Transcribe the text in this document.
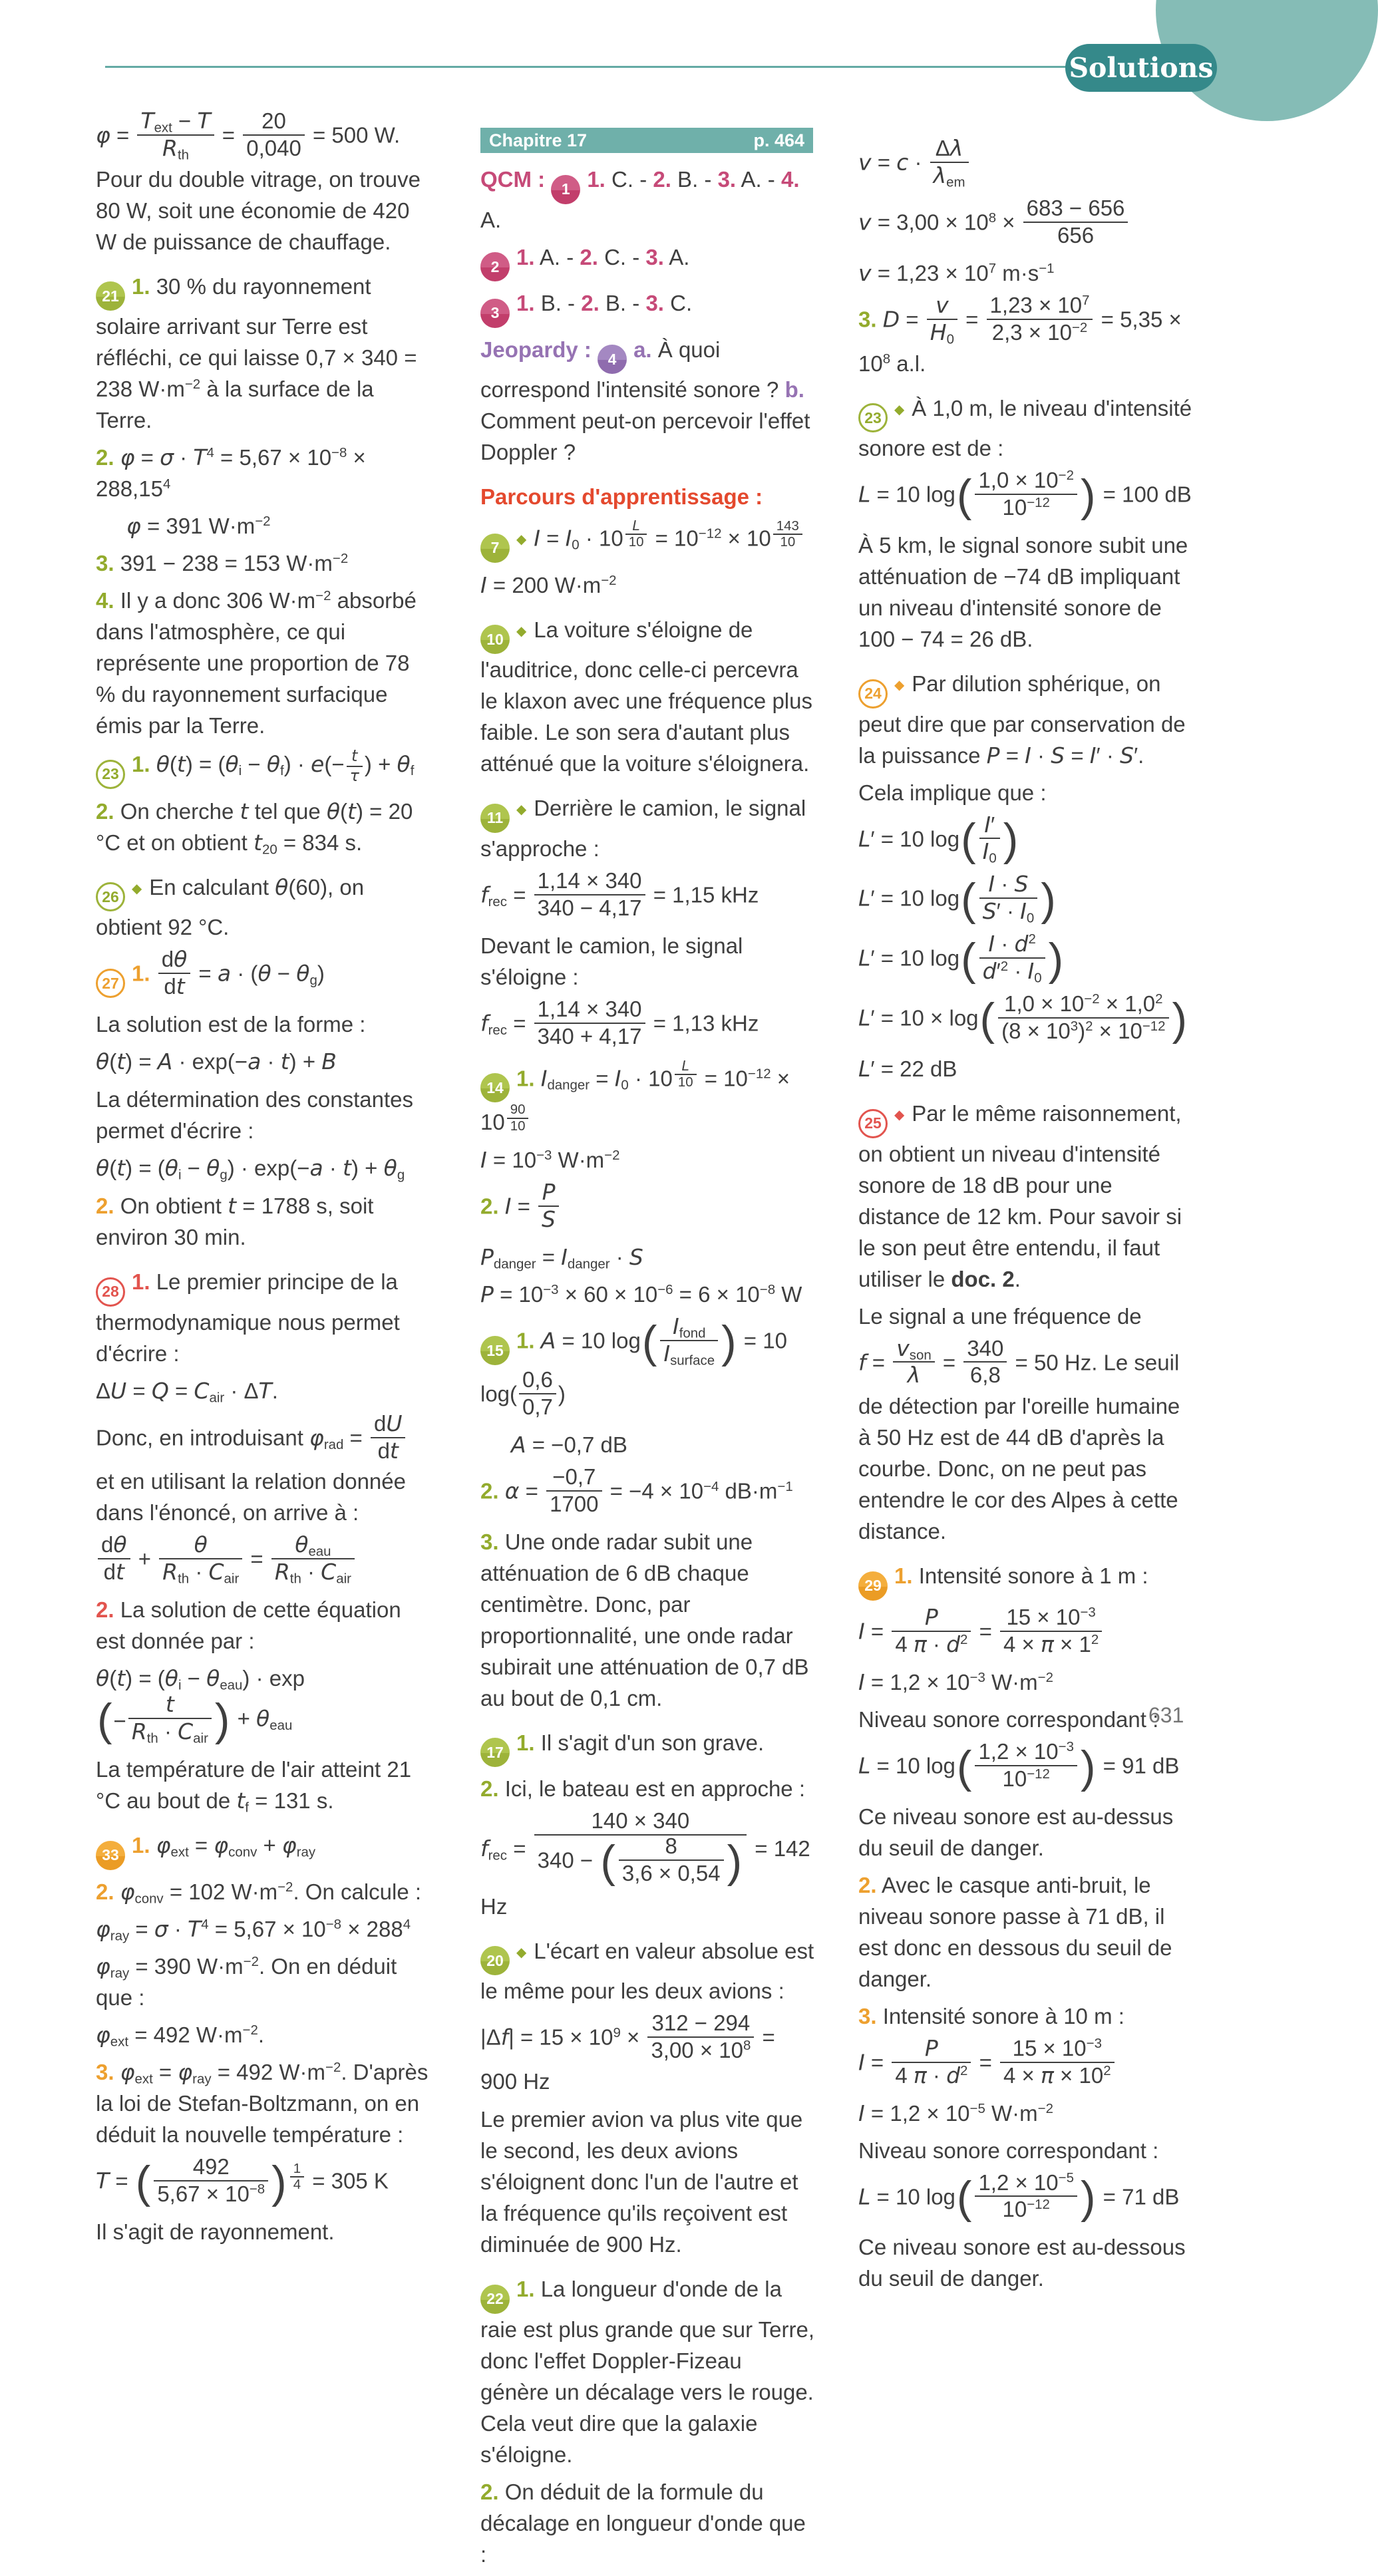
Solutions
Chapitre 17	p. 464

φ =
$T_{ext} - T$
$R_{th}$
= $\frac{20}{0,040} = 500$ W. Pour du double vitrage, on trouve 80 W, soit une économie de 420 W de puissance de chauffage.

21 1. 30 % du rayonnement solaire arrivant sur Terre est réfléchi, ce qui laisse 0,7 × 340 = 238 $W\cdot m^{-2}$ à la surface de la Terre.

2. $\varphi = \sigma \cdot T^4 = 5,67 \times 10^{-8} \times 288,15^4$

φ = 391 $W\cdot m^{-2}$

3. 391 − 238 = 153 $W\cdot m^{-2}$

4. Il y a donc 306 $W\cdot m^{-2}$ absorbé dans l'atmosphère, ce qui représente une proportion de 78 % du rayonnement surfacique émis par la Terre.

23 1. $\theta(t) = (\theta_i - \theta_f) \cdot e(- \frac{t}{\tau}$ ) + $\theta_f$

2. On cherche t tel que θ(t) = 20 °C et on obtient $t_{20} = 834$ s.

26 ◆ En calculant θ(60), on obtient 92 °C.

27 1. $\frac{d\theta}{dt} = a \cdot (\theta - \theta_g)$

La solution est de la forme :

θ(t) = A · exp(−a · t) + B

La détermination des constantes permet d'écrire :

$\theta(t) = (\theta_i - \theta_g) \cdot \exp(-a \cdot t) + \theta_g$

2. On obtient t = 1788 s, soit environ 30 min.

28 1. Le premier principe de la thermodynamique nous permet d'écrire :

$\Delta U = Q = C_{air} \cdot \Delta T$.

Donc, en introduisant $\varphi_{rad} = \frac{dU}{dt}$
et en utilisant la relation donnée dans l'énoncé, on arrive à :

$\frac{d\theta}{dt}$ +
θ
$R_{th} \cdot C_{air}$
=
$\theta_{eau}$
$R_{th} \cdot C_{air}$

2. La solution de cette équation est donnée par :

$\theta(t) = (\theta_i - \theta_{eau}) \cdot \exp$
( −
t
$R_{th} \cdot C_{air}$ ) + $\theta_{eau}$

La température de l'air atteint 21 °C au bout de $t_f = 131$ s.

33 1. $\varphi_{ext} = \varphi_{conv} + \varphi_{ray}$

2. $\varphi_{conv} = 102$ $W\cdot m^{-2}$. On calcule :

$\varphi_{ray} = \sigma \cdot T^4 = 5,67 \times 10^{-8} \times 288^4$

$\varphi_{ray} = 390$ $W\cdot m^{-2}$. On en déduit que :

$\varphi_{ext} = 492$ $W\cdot m^{-2}$.

3. $\varphi_{ext} = \varphi_{ray} = 492$ $W\cdot m^{-2}$. D'après la loi de Stefan-Boltzmann, on en déduit la nouvelle température :

T = (	492
$5,67 \times 10^{-8}$ ) $^{\frac{1}{4}}$ = 305 K

Il s'agit de rayonnement.

QCM : 1 1. C. - 2. B. - 3. A. - 4. A.

2 1. A. - 2. C. - 3. A.

3 1. B. - 2. B. - 3. C.

Jeopardy : 4 a. À quoi correspond l'intensité sonore ? b. Comment peut-on percevoir l'effet Doppler ?

Parcours d'apprentissage :

7 ◆ $I = I_0 \cdot 10$ $^{\frac{L}{10}} = 10^{-12} \times 10$ $^{\frac{143}{10}}$

I = 200 $W\cdot m^{-2}$

10 ◆ La voiture s'éloigne de l'auditrice, donc celle-ci percevra le klaxon avec une fréquence plus faible. Le son sera d'autant plus atténué que la voiture s'éloignera.

11 ◆ Derrière le camion, le signal s'approche :

$f_{rec} = \frac{1,14 \times 340}{340 - 4,17} = 1,15$ kHz

Devant le camion, le signal s'éloigne :

$f_{rec} = \frac{1,14 \times 340}{340 + 4,17} = 1,13$ kHz

14 1. $I_{danger} = I_0 \cdot 10$ $^{\frac{L}{10}} = 10^{-12} \times 10$ $^{\frac{90}{10}}$

$I = 10^{-3}$ $W\cdot m^{-2}$

2. $I = \frac{P}{S}$

$P_{danger} = I_{danger} \cdot S$

$P = 10^{-3} \times 60 \times 10^{-6} = 6 \times 10^{-8}$ W

15 1. A = 10 log ( $I_{fond}$
$I_{surface}$ ) = 10 $\log( \frac{0,6}{0,7}$ )

A = −0,7 dB

2. $\alpha = \frac{-0,7}{1700} = -4 \times 10^{-4}$ $dB\cdot m^{-1}$

3. Une onde radar subit une atténuation de 6 dB chaque centimètre. Donc, par proportionnalité, une onde radar subirait une atténuation de 0,7 dB au bout de 0,1 cm.

17 1. Il s'agit d'un son grave.

2. Ici, le bateau est en approche :

$f_{rec} = 140 \times 340$
340 − (	8
3,6 × 0,54 ) = 142 Hz

20 ◆ L'écart en valeur absolue est le même pour les deux avions :

$|\Delta f| = 15 \times 10^9 \times \frac{312 - 294}{3,00 \times 10^8} = 900$ Hz

Le premier avion va plus vite que le second, les deux avions s'éloignent donc l'un de l'autre et la fréquence qu'ils reçoivent est diminuée de 900 Hz.

22 1. La longueur d'onde de la raie est plus grande que sur Terre, donc l'effet Doppler-Fizeau génère un décalage vers le rouge. Cela veut dire que la galaxie s'éloigne.

2. On déduit de la formule du décalage en longueur d'onde que :

v = c ·
Δλ
$\lambda_{em}$

$v = 3,00 \times 10^8 \times \frac{683 - 656}{656}$

$v = 1,23 \times 10^7$ $m\cdot s^{-1}$

3. $D = \frac{v}{H_0} = \frac{1,23 \times 10^7}{2,3 \times 10^{-2}} = 5,35 \times 10^8$ a.l.

23 ◆ À 1,0 m, le niveau d'intensité sonore est de :

L = 10 log ( $1,0 \times 10^{-2}$
$10^{-12}$ ) = 100 dB

À 5 km, le signal sonore subit une atténuation de −74 dB impliquant un niveau d'intensité sonore de 100 − 74 = 26 dB.

24 ◆ Par dilution sphérique, on peut dire que par conservation de la puissance P = I · S = I′ · S′.

Cela implique que :

L′ = 10 log ( I′
$I_0$ )

L′ = 10 log ( I · S
$S' \cdot I_0$ )

L′ = 10 log ( $I \cdot d^2$
$d'^2 \cdot I_0$ )

L′ = 10 × log ( $1,0 \times 10^{-2} \times 1,0^2$
$(8 \times 10^3)^2 \times 10^{-12}$ )

L′ = 22 dB

25 ◆ Par le même raisonnement, on obtient un niveau d'intensité sonore de 18 dB pour une distance de 12 km. Pour savoir si le son peut être entendu, il faut utiliser le doc. 2.

Le signal a une fréquence de

f =
$v_{son}$
$\lambda = \frac{340}{6,8} = 50$ Hz. Le seuil de détection par l'oreille humaine à 50 Hz est de 44 dB d'après la courbe. Donc, on ne peut pas entendre le cor des Alpes à cette distance.

29 1. Intensité sonore à 1 m :

$I = \frac{P}{4 \pi \cdot d^2} = \frac{15 \times 10^{-3}}{4 \times \pi \times 1^2}$

$I = 1,2 \times 10^{-3}$ $W\cdot m^{-2}$

Niveau sonore correspondant :

L = 10 log ( $1,2 \times 10^{-3}$
$10^{-12}$ ) = 91 dB

Ce niveau sonore est au-dessus du seuil de danger.

2. Avec le casque anti-bruit, le niveau sonore passe à 71 dB, il est donc en dessous du seuil de danger.

3. Intensité sonore à 10 m :

$I = \frac{P}{4 \pi \cdot d^2} = \frac{15 \times 10^{-3}}{4 \times \pi \times 10^2}$

$I = 1,2 \times 10^{-5}$ $W\cdot m^{-2}$

Niveau sonore correspondant :

L = 10 log ( $1,2 \times 10^{-5}$
$10^{-12}$ ) = 71 dB

Ce niveau sonore est au-dessous du seuil de danger.

631
